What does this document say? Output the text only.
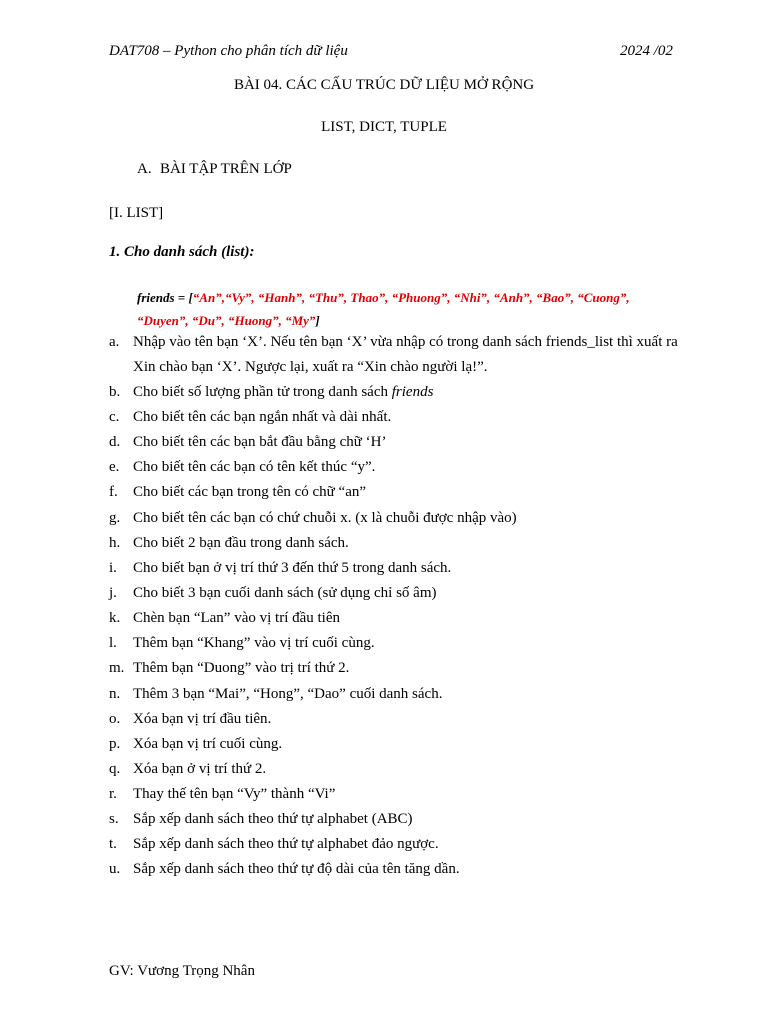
DAT708 – Python cho phân tích dữ liệu	2024 /02
BÀI 04. CÁC CẤU TRÚC DỮ LIỆU MỞ RỘNG
LIST, DICT, TUPLE
A. BÀI TẬP TRÊN LỚP
[I. LIST]
1. Cho danh sách (list):
friends = [“An”,“Vy”, “Hanh”, “Thu”, Thao”, “Phuong”, “Nhi”, “Anh”, “Bao”, “Cuong”,
“Duyen”, “Du”, “Huong”, “My”]
a. Nhập vào tên bạn ‘X’. Nếu tên bạn ‘X’ vừa nhập có trong danh sách friends_list thì xuất ra Xin chào bạn ‘X’. Ngược lại, xuất ra “Xin chào người lạ!”.
b. Cho biết số lượng phần tử trong danh sách friends
c. Cho biết tên các bạn ngắn nhất và dài nhất.
d. Cho biết tên các bạn bắt đầu bằng chữ ‘H’
e. Cho biết tên các bạn có tên kết thúc “y”.
f.	Cho biết các bạn trong tên có chữ “an”
g. Cho biết tên các bạn có chứ chuỗi x. (x là chuỗi được nhập vào)
h. Cho biết 2 bạn đầu trong danh sách.
i.	Cho biết bạn ở vị trí thứ 3 đến thứ 5 trong danh sách.
j.	Cho biết 3 bạn cuối danh sách (sử dụng chỉ số âm)
k. Chèn bạn “Lan” vào vị trí đầu tiên
l.	Thêm bạn “Khang” vào vị trí cuối cùng.
m. Thêm bạn “Duong” vào trị trí thứ 2.
n. Thêm 3 bạn “Mai”, “Hong”, “Dao” cuối danh sách.
o. Xóa bạn vị trí đầu tiên.
p. Xóa bạn vị trí cuối cùng.
q. Xóa bạn ở vị trí thứ 2.
r.	Thay thế tên bạn “Vy” thành “Vi”
s. Sắp xếp danh sách theo thứ tự alphabet (ABC)
t.	Sắp xếp danh sách theo thứ tự alphabet đảo ngược.
u. Sắp xếp danh sách theo thứ tự độ dài của tên tăng dần.
GV: Vương Trọng Nhân
